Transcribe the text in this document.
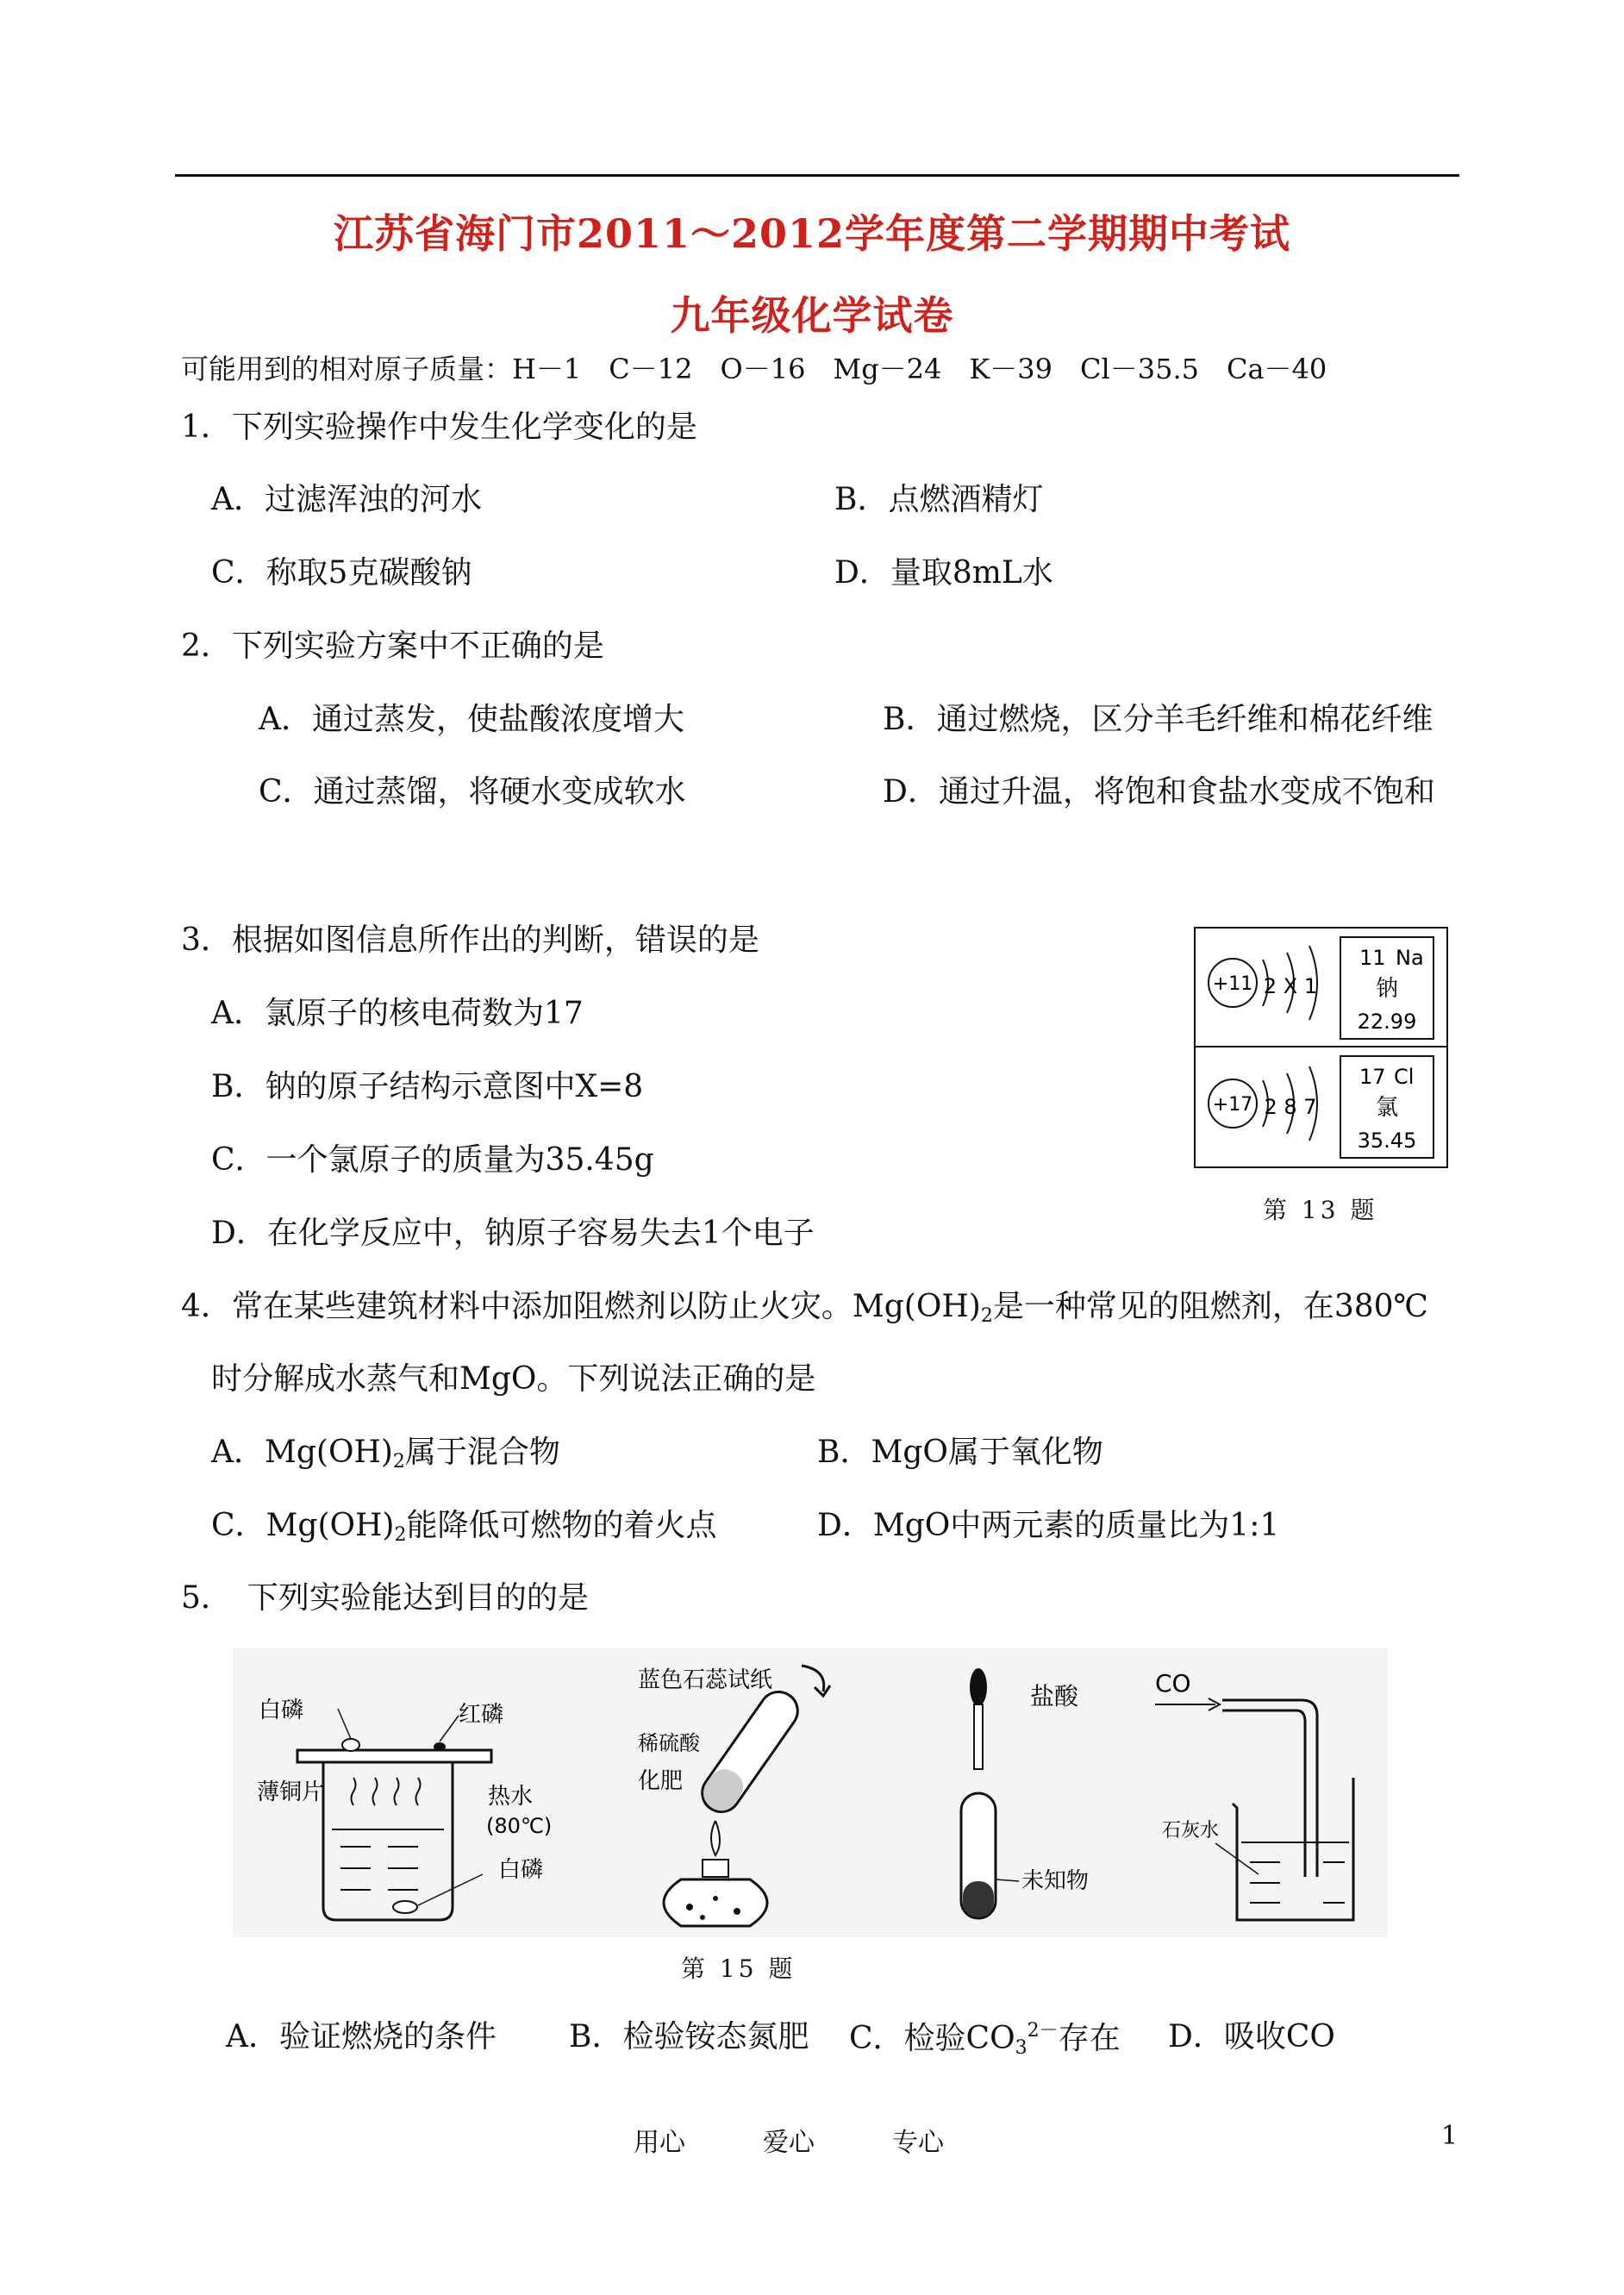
江苏省海门市2011～2012学年度第二学期期中考试
九年级化学试卷
可能用到的相对原子质量：H－1　C－12　O－16　Mg－24　K－39　Cl－35.5　Ca－40
1．下列实验操作中发生化学变化的是
A．过滤浑浊的河水	B．点燃酒精灯
C．称取5克碳酸钠	D．量取8mL水
2．下列实验方案中不正确的是
A．通过蒸发，使盐酸浓度增大	B．通过燃烧，区分羊毛纤维和棉花纤维
C．通过蒸馏，将硬水变成软水	D．通过升温，将饱和食盐水变成不饱和
3．根据如图信息所作出的判断，错误的是
A．氯原子的核电荷数为17
B．钠的原子结构示意图中X=8
C．一个氯原子的质量为35.45g
D．在化学反应中，钠原子容易失去1个电子
+11 2 X 1
11 Na
钠
22.99
+17 2 8 7
17 Cl
氯
35.45
第 13 题
4．常在某些建筑材料中添加阻燃剂以防止火灾。$Mg(OH)_2$是一种常见的阻燃剂，在380℃
时分解成水蒸气和MgO。下列说法正确的是
A．$Mg(OH)_2$属于混合物	B．MgO属于氧化物
C．$Mg(OH)_2$能降低可燃物的着火点	D．MgO中两元素的质量比为1:1
5．　下列实验能达到目的的是
白磷	红磷
薄铜片	热水
(80℃)
白磷
蓝色石蕊试纸
稀硫酸
化肥
盐酸
未知物
CO
石灰水
第 15 题
A．验证燃烧的条件 B．检验铵态氮肥 C．检验$CO_3^{2-}$存在 D．吸收CO
用心	爱心	专心	1
